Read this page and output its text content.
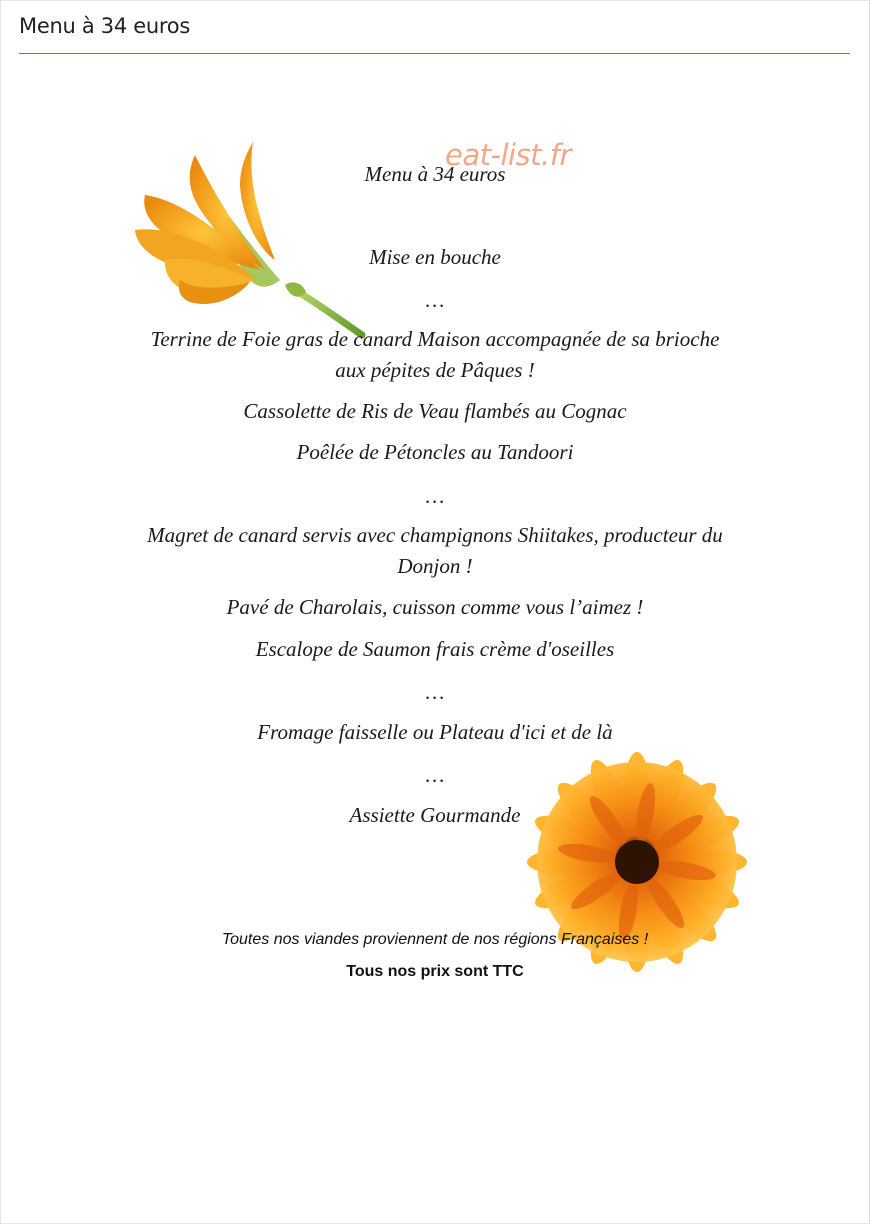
Menu à 34 euros
eat-list.fr
Menu à 34 euros
Mise en bouche
…
Terrine de Foie gras de canard Maison accompagnée de sa brioche
aux pépites de Pâques !
Cassolette de Ris de Veau flambés au Cognac
Poêlée de Pétoncles au Tandoori
…
Magret de canard servis avec champignons Shiitakes, producteur du
Donjon !
Pavé de Charolais, cuisson comme vous l’aimez !
Escalope de Saumon frais crème d'oseilles
…
Fromage faisselle ou Plateau d'ici et de là
…
Assiette Gourmande
Toutes nos viandes proviennent de nos régions Françaises !
Tous nos prix sont TTC
